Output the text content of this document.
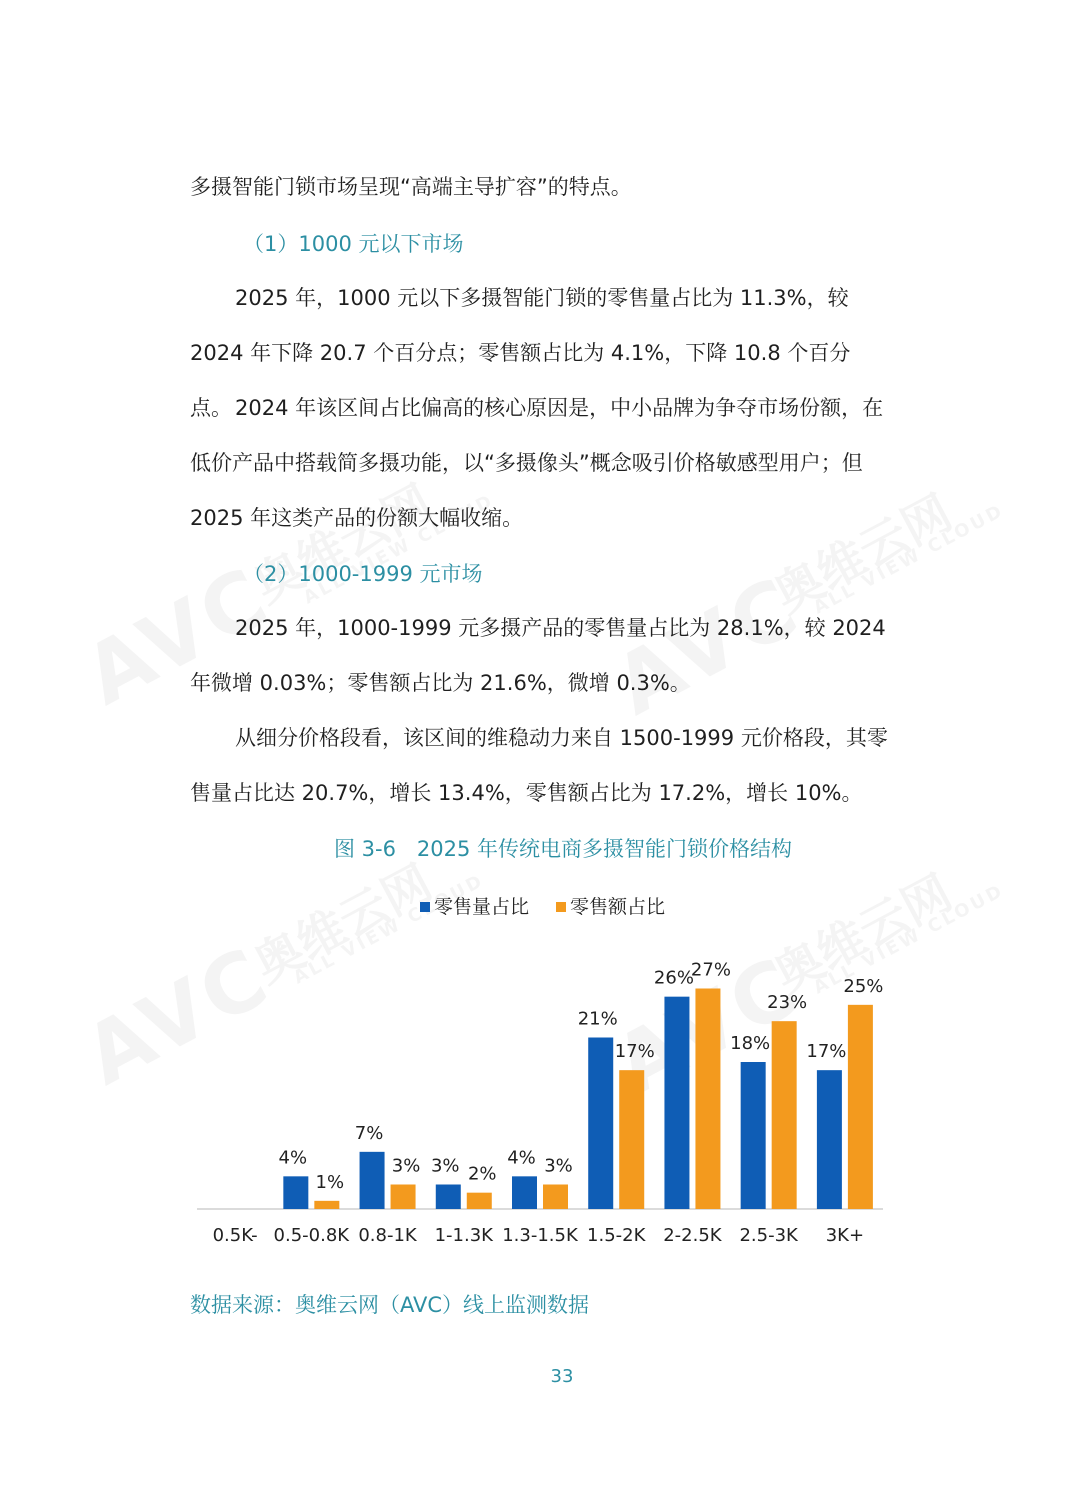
多摄智能门锁市场呈现“高端主导扩容”的特点。

（1）1000 元以下市场

2025 年，1000 元以下多摄智能门锁的零售量占比为 11.3%，较 2024 年下降 20.7 个百分点；零售额占比为 4.1%，下降 10.8 个百分点。 2024 年该区间占比偏高的核心原因是，中小品牌为争夺市场份额，在低价产品中搭载简多摄功能，以“多摄像头”概念吸引价格敏感型用户；但 2025 年这类产品的份额大幅收缩。

（2）1000-1999 元市场

2025 年，1000-1999 元多摄产品的零售量占比为 28.1%，较 2024 年微增 0.03%；零售额占比为 21.6%，微增 0.3%。

从细分价格段看，该区间的维稳动力来自 1500-1999 元价格段，其零售量占比达 20.7%，增长 13.4%，零售额占比为 17.2%，增长 10%。

图 3-6　2025 年传统电商多摄智能门锁价格结构
零售量占比 零售额占比
0.5K- 0.5-0.8K
4%
1%
0.8-1K
7%
3%
1-1.3K
3% 2%
1.3-1.5K
4% 3%
1.5-2K
21%
17%
2-2.5K
26%
27%
2.5-3K
18%
23%
3K+
17%
25%
数据来源：奥维云网（AVC）线上监测数据
33
